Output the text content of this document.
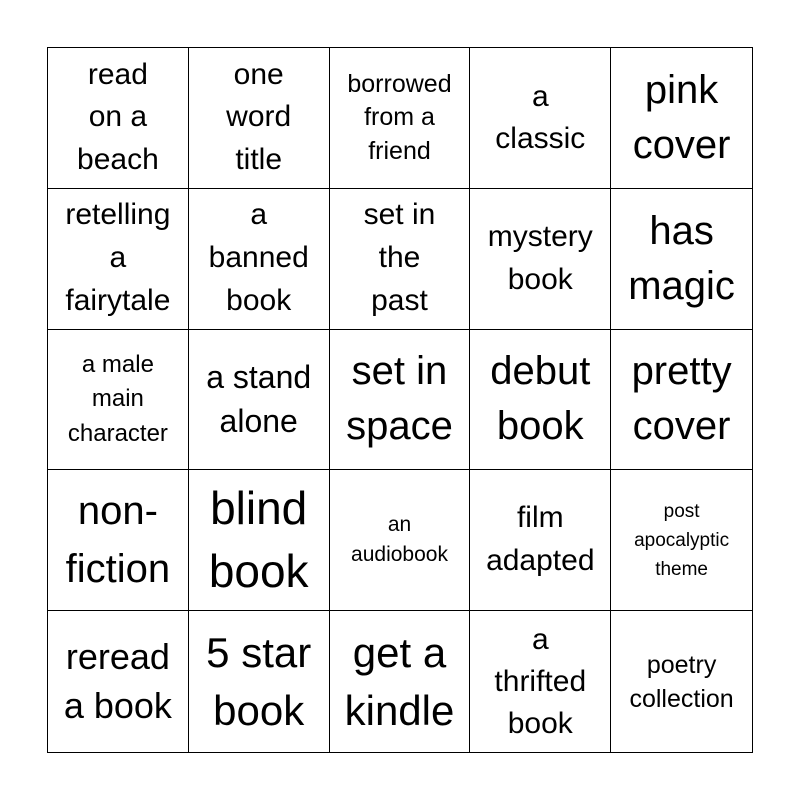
read
on a
beach
one
word
title
borrowed
from a
friend
a
classic
pink
cover
retelling
a
fairytale
a
banned
book
set in
the
past
mystery
book
has
magic
a male
main
character
a stand
alone
set in
space
debut
book
pretty
cover
non-
fiction
blind
book
an
audiobook
film
adapted
post
apocalyptic
theme
reread
a book
5 star
book
get a
kindle
a
thrifted
book
poetry
collection
